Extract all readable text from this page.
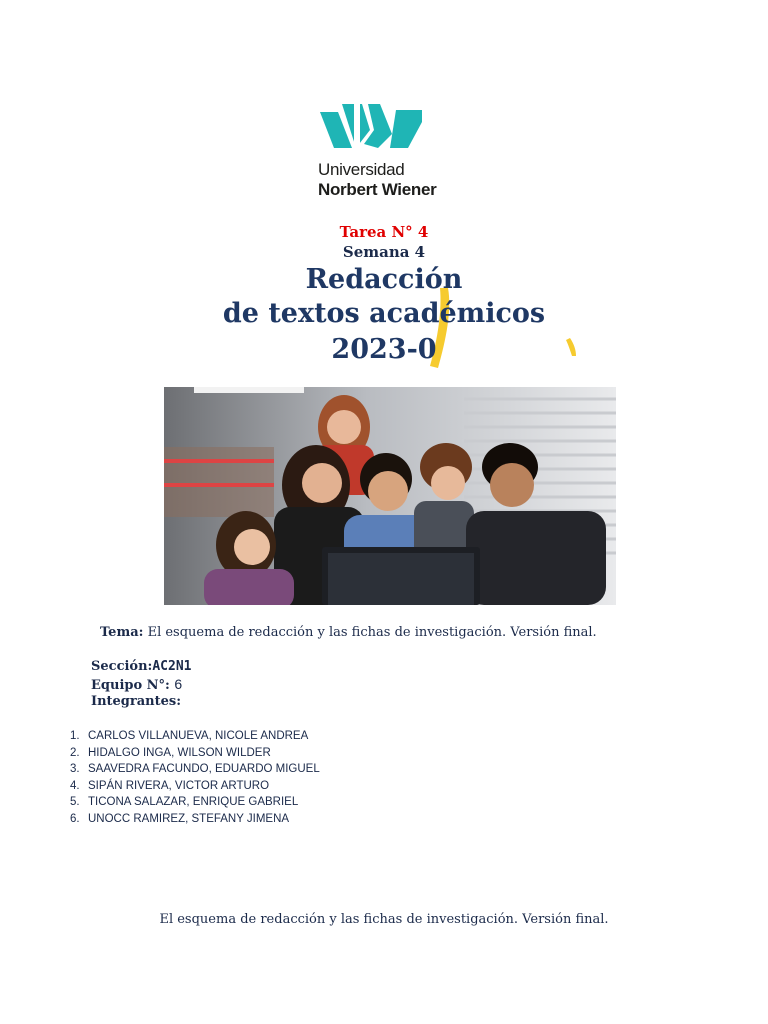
Universidad
Norbert Wiener
Tarea N° 4
Semana 4
Redacción
de textos académicos
2023-0
Tema: El esquema de redacción y las fichas de investigación. Versión final.
Sección:AC2N1
Equipo N°: 6
Integrantes:
1. CARLOS VILLANUEVA, NICOLE ANDREA
2. HIDALGO INGA, WILSON WILDER
3. SAAVEDRA FACUNDO, EDUARDO MIGUEL
4. SIPÁN RIVERA, VICTOR ARTURO
5. TICONA SALAZAR, ENRIQUE GABRIEL
6. UNOCC RAMIREZ, STEFANY JIMENA
El esquema de redacción y las fichas de investigación. Versión final.
